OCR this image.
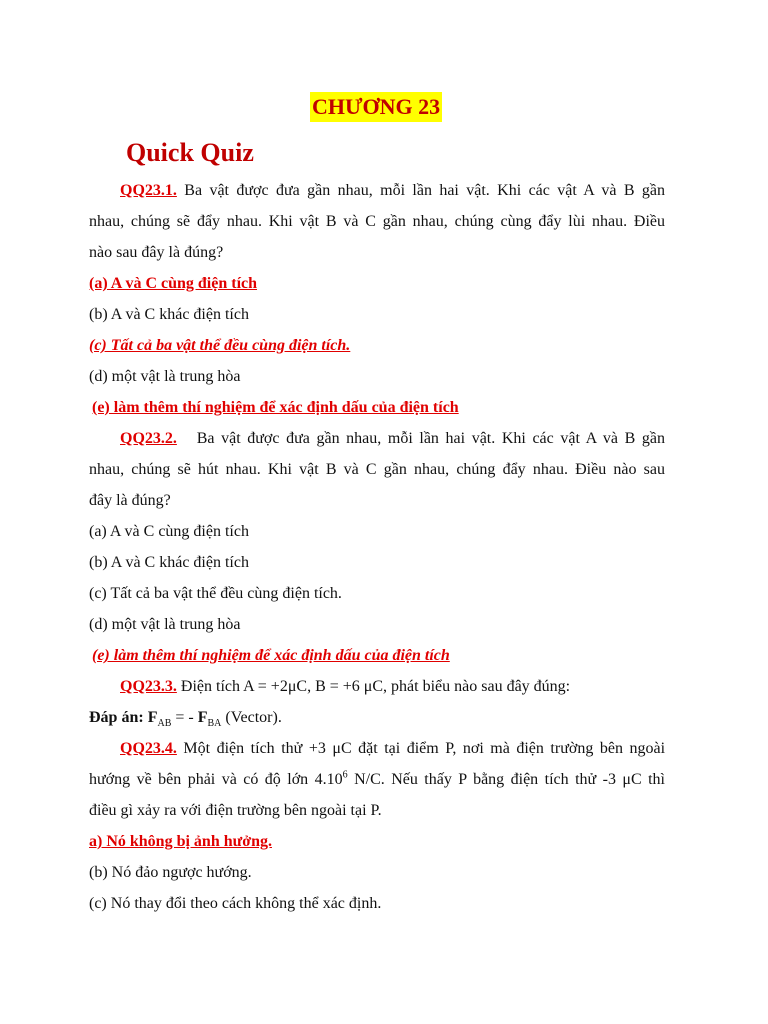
CHƯƠNG 23
Quick Quiz
QQ23.1. Ba vật được đưa gần nhau, mỗi lần hai vật. Khi các vật A và B gần
nhau, chúng sẽ đẩy nhau. Khi vật B và C gần nhau, chúng cùng đẩy lùi nhau. Điều
nào sau đây là đúng?
(a) A và C cùng điện tích
(b) A và C khác điện tích
(c) Tất cả ba vật thể đều cùng điện tích.
(d) một vật là trung hòa
(e) làm thêm thí nghiệm để xác định dấu của điện tích
QQ23.2. Ba vật được đưa gần nhau, mỗi lần hai vật. Khi các vật A và B gần
nhau, chúng sẽ hút nhau. Khi vật B và C gần nhau, chúng đẩy nhau. Điều nào sau
đây là đúng?
(a) A và C cùng điện tích
(b) A và C khác điện tích
(c) Tất cả ba vật thể đều cùng điện tích.
(d) một vật là trung hòa
(e) làm thêm thí nghiệm để xác định dấu của điện tích
QQ23.3. Điện tích A = +2μC, B = +6 μC, phát biểu nào sau đây đúng:
Đáp án: $F_{AB}$ = - $F_{BA}$ (Vector).
QQ23.4. Một điện tích thử +3 μC đặt tại điểm P, nơi mà điện trường bên ngoài
hướng về bên phải và có độ lớn 4.10$^6$ N/C. Nếu thấy P bằng điện tích thử -3 μC thì
điều gì xảy ra với điện trường bên ngoài tại P.
a) Nó không bị ảnh hưởng.
(b) Nó đảo ngược hướng.
(c) Nó thay đổi theo cách không thể xác định.
